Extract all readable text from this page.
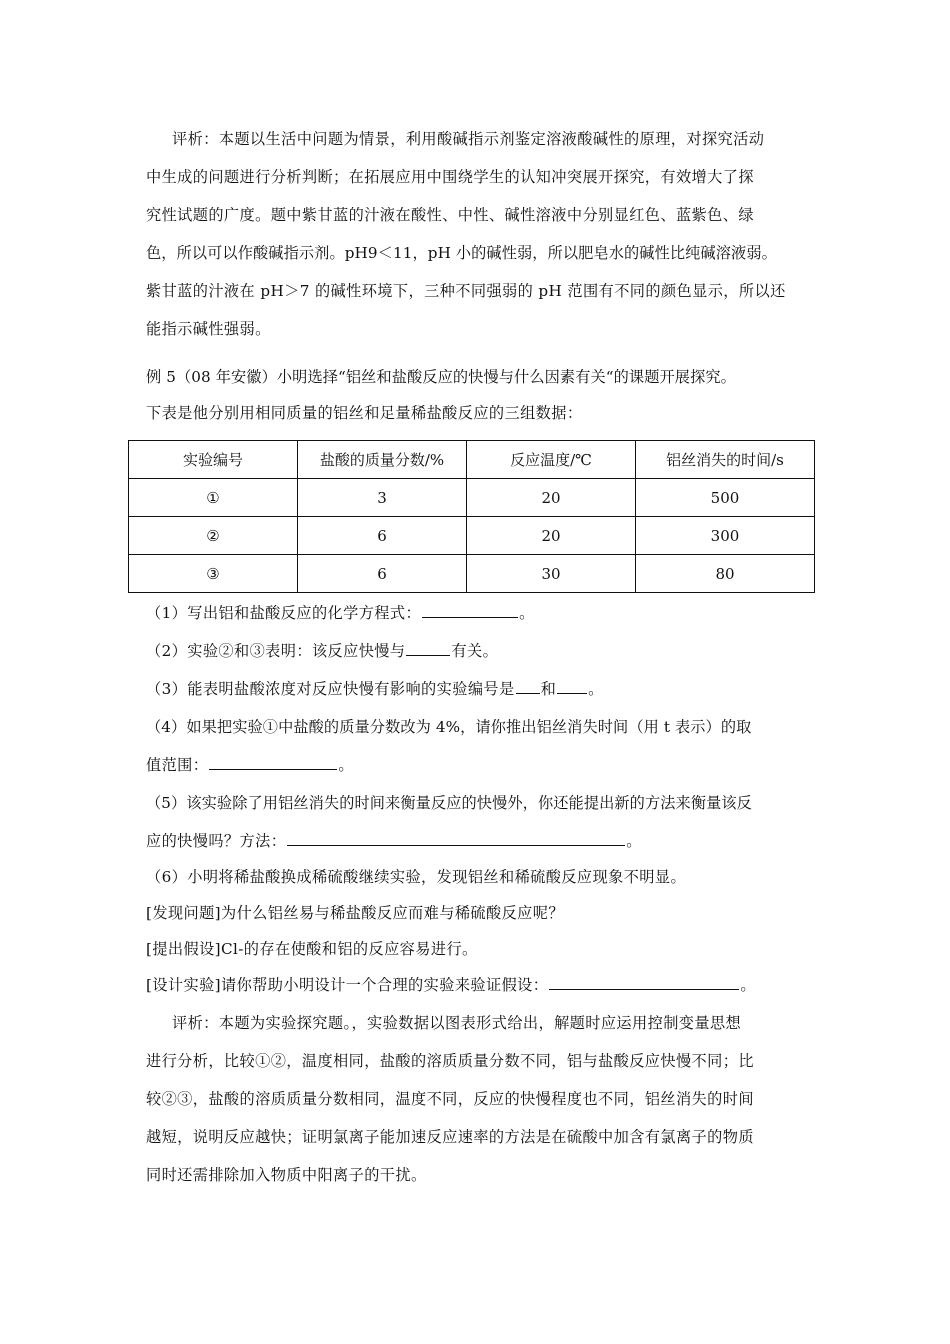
评析：本题以生活中问题为情景，利用酸碱指示剂鉴定溶液酸碱性的原理，对探究活动
中生成的问题进行分析判断；在拓展应用中围绕学生的认知冲突展开探究，有效增大了探
究性试题的广度。题中紫甘蓝的汁液在酸性、中性、碱性溶液中分别显红色、蓝紫色、绿
色，所以可以作酸碱指示剂。pH9＜11，pH 小的碱性弱，所以肥皂水的碱性比纯碱溶液弱。
紫甘蓝的汁液在 pH＞7 的碱性环境下，三种不同强弱的 pH 范围有不同的颜色显示，所以还
能指示碱性强弱。
例 5（08 年安徽）小明选择“铝丝和盐酸反应的快慢与什么因素有关“的课题开展探究。
下表是他分别用相同质量的铝丝和足量稀盐酸反应的三组数据：
实验编号	盐酸的质量分数/%	反应温度/℃	铝丝消失的时间/s
①	3	20	500
②	6	20	300
③	6	30	80
（1）写出铝和盐酸反应的化学方程式：	。
（2）实验②和③表明：该反应快慢与	有关。
（3）能表明盐酸浓度对反应快慢有影响的实验编号是 和 。
（4）如果把实验①中盐酸的质量分数改为 4%，请你推出铝丝消失时间（用 t 表示）的取
值范围：	。
（5）该实验除了用铝丝消失的时间来衡量反应的快慢外，你还能提出新的方法来衡量该反
应的快慢吗？方法：	。
（6）小明将稀盐酸换成稀硫酸继续实验，发现铝丝和稀硫酸反应现象不明显。
[发现问题]为什么铝丝易与稀盐酸反应而难与稀硫酸反应呢？
[提出假设]Cl-的存在使酸和铝的反应容易进行。
[设计实验]请你帮助小明设计一个合理的实验来验证假设：	。
评析：本题为实验探究题。，实验数据以图表形式给出，解题时应运用控制变量思想
进行分析，比较①②，温度相同，盐酸的溶质质量分数不同，铝与盐酸反应快慢不同；比
较②③，盐酸的溶质质量分数相同，温度不同，反应的快慢程度也不同，铝丝消失的时间
越短，说明反应越快；证明氯离子能加速反应速率的方法是在硫酸中加含有氯离子的物质
同时还需排除加入物质中阳离子的干扰。
